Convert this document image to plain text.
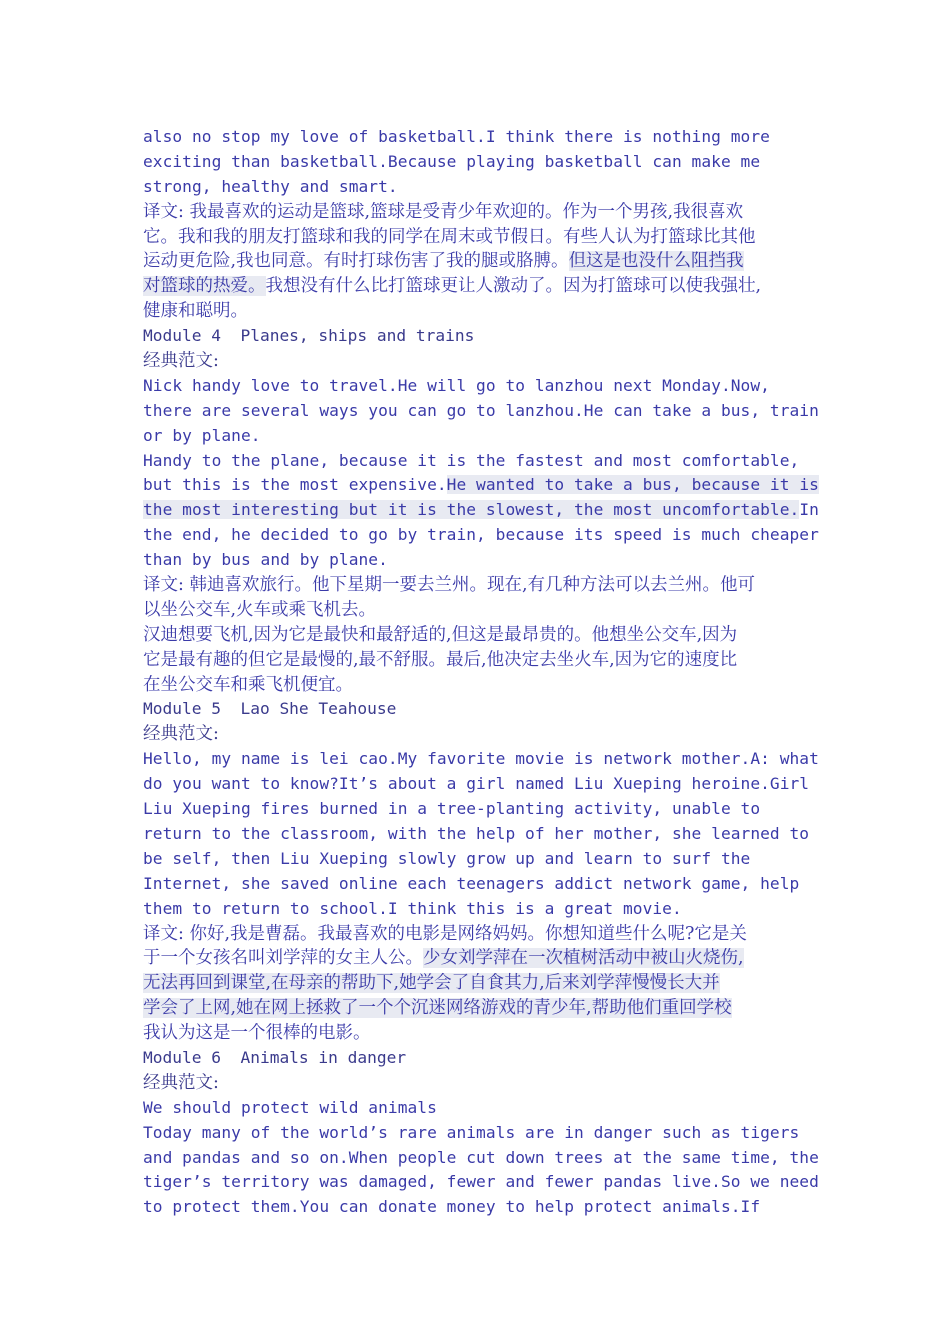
also no stop my love of basketball.I think there is nothing more
exciting than basketball.Because playing basketball can make me
strong, healthy and smart.
译文: 我最喜欢的运动是篮球,篮球是受青少年欢迎的。作为一个男孩,我很喜欢
它。我和我的朋友打篮球和我的同学在周末或节假日。有些人认为打篮球比其他
运动更危险,我也同意。有时打球伤害了我的腿或胳膊。但这是也没什么阻挡我
对篮球的热爱。我想没有什么比打篮球更让人激动了。因为打篮球可以使我强壮,
健康和聪明。
Module 4  Planes, ships and trains
经典范文:
Nick handy love to travel.He will go to lanzhou next Monday.Now,
there are several ways you can go to lanzhou.He can take a bus, train
or by plane.
Handy to the plane, because it is the fastest and most comfortable,
but this is the most expensive.He wanted to take a bus, because it is
the most interesting but it is the slowest, the most uncomfortable.In
the end, he decided to go by train, because its speed is much cheaper
than by bus and by plane.
译文: 韩迪喜欢旅行。他下星期一要去兰州。现在,有几种方法可以去兰州。他可
以坐公交车,火车或乘飞机去。
汉迪想要飞机,因为它是最快和最舒适的,但这是最昂贵的。他想坐公交车,因为
它是最有趣的但它是最慢的,最不舒服。最后,他决定去坐火车,因为它的速度比
在坐公交车和乘飞机便宜。
Module 5  Lao She Teahouse
经典范文:
Hello, my name is lei cao.My favorite movie is network mother.A: what
do you want to know?It’s about a girl named Liu Xueping heroine.Girl
Liu Xueping fires burned in a tree-planting activity, unable to
return to the classroom, with the help of her mother, she learned to
be self, then Liu Xueping slowly grow up and learn to surf the
Internet, she saved online each teenagers addict network game, help
them to return to school.I think this is a great movie.
译文: 你好,我是曹磊。我最喜欢的电影是网络妈妈。你想知道些什么呢?它是关
于一个女孩名叫刘学萍的女主人公。少女刘学萍在一次植树活动中被山火烧伤,
无法再回到课堂,在母亲的帮助下,她学会了自食其力,后来刘学萍慢慢长大并
学会了上网,她在网上拯救了一个个沉迷网络游戏的青少年,帮助他们重回学校
我认为这是一个很棒的电影。
Module 6  Animals in danger
经典范文:
We should protect wild animals
Today many of the world’s rare animals are in danger such as tigers
and pandas and so on.When people cut down trees at the same time, the
tiger’s territory was damaged, fewer and fewer pandas live.So we need
to protect them.You can donate money to help protect animals.If
